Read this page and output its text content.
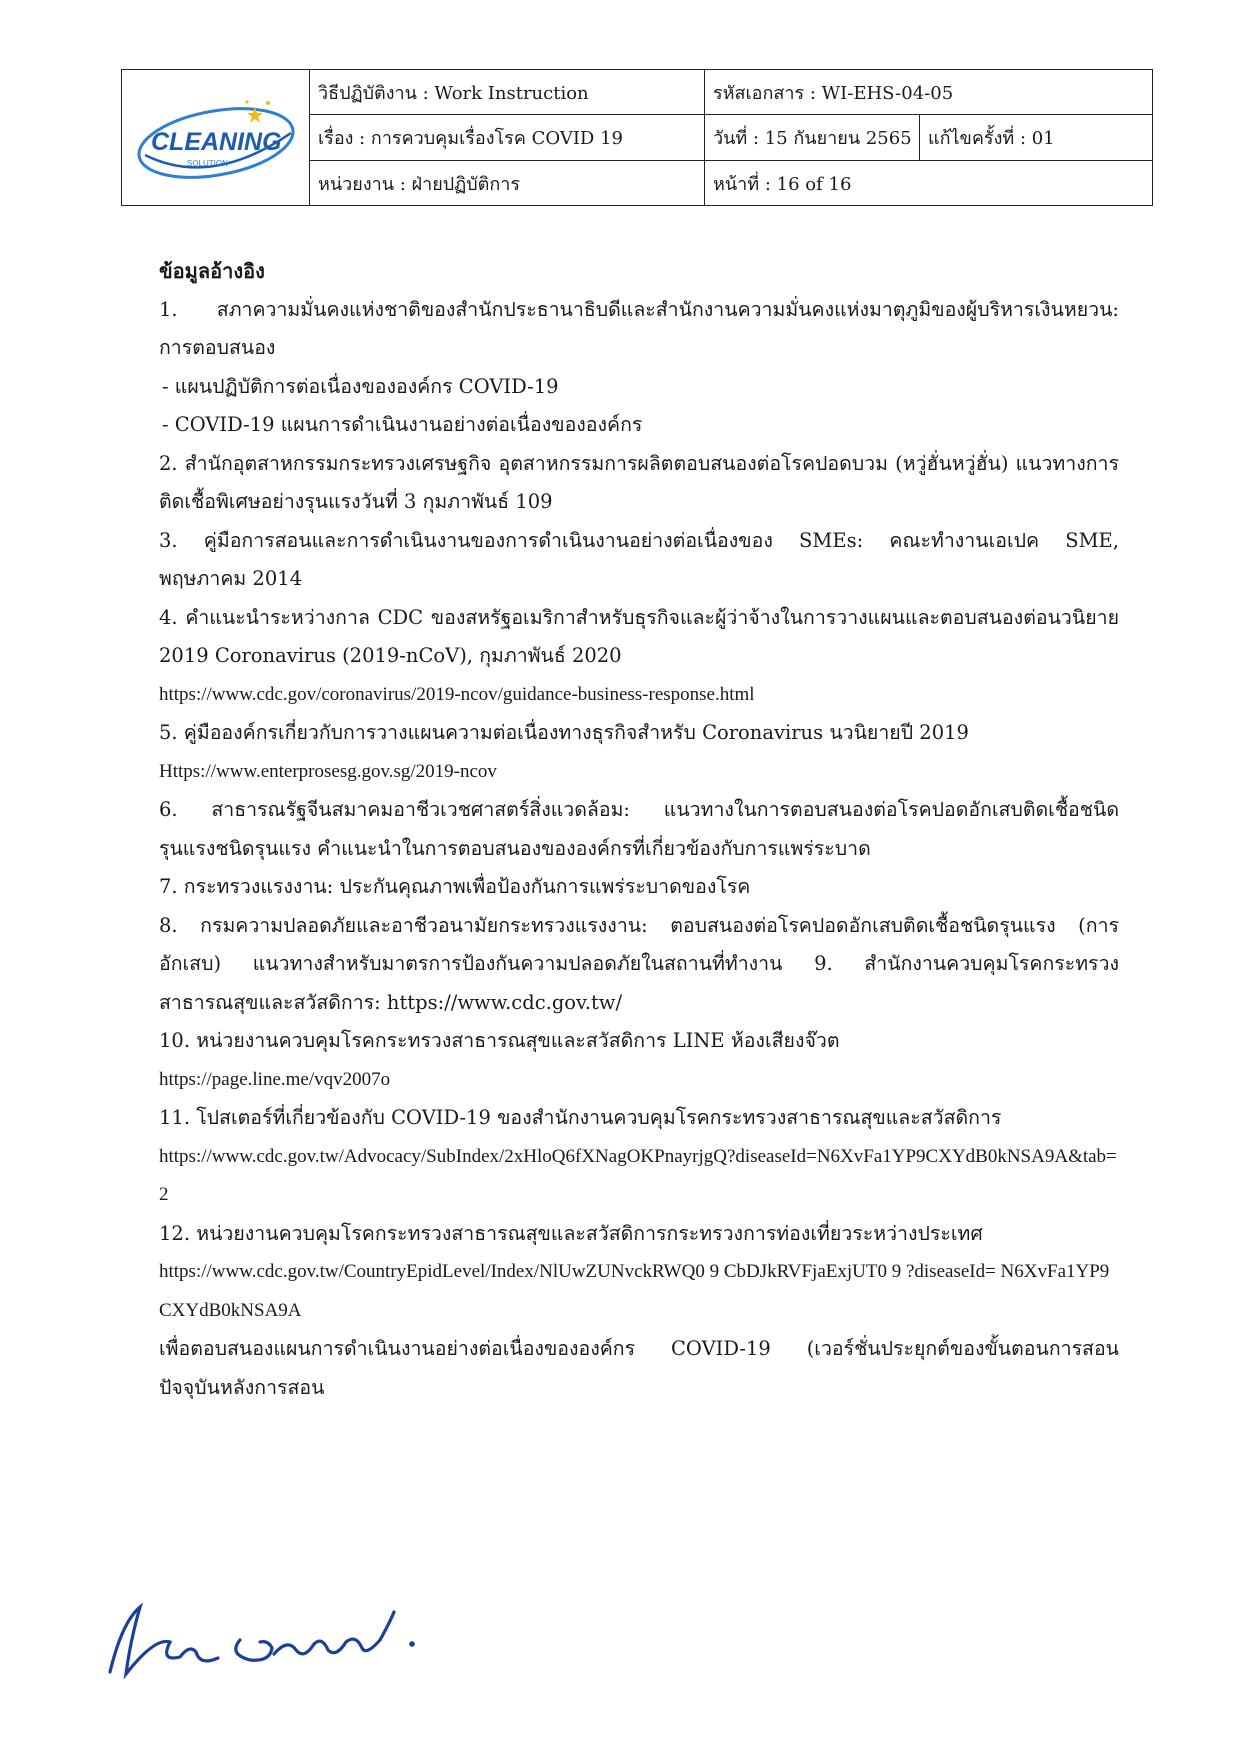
CLEANING
SOLUTION	วิธีปฏิบัติงาน : Work Instruction	รหัสเอกสาร : WI-EHS-04-05	
	เรื่อง : การควบคุมเรื่องโรค COVID 19	วันที่ : 15 กันยายน 2565	แก้ไขครั้งที่ : 01
	หน่วยงาน : ฝ่ายปฏิบัติการ	หน้าที่ : 16 of 16	

ข้อมูลอ้างอิง

1. สภาความมั่นคงแห่งชาติของสำนักประธานาธิบดีและสำนักงานความมั่นคงแห่งมาตุภูมิของผู้บริหารเงินหยวน: การตอบสนอง

- แผนปฏิบัติการต่อเนื่องขององค์กร COVID-19

- COVID-19 แผนการดำเนินงานอย่างต่อเนื่องขององค์กร

2. สำนักอุตสาหกรรมกระทรวงเศรษฐกิจ อุตสาหกรรมการผลิตตอบสนองต่อโรคปอดบวม (หวู่ฮั่นหวู่ฮั่น) แนวทางการติดเชื้อพิเศษอย่างรุนแรงวันที่ 3 กุมภาพันธ์ 109

3. คู่มือการสอนและการดำเนินงานของการดำเนินงานอย่างต่อเนื่องของ SMEs: คณะทำงานเอเปค SME, พฤษภาคม 2014

4. คำแนะนำระหว่างกาล CDC ของสหรัฐอเมริกาสำหรับธุรกิจและผู้ว่าจ้างในการวางแผนและตอบสนองต่อนวนิยาย 2019 Coronavirus (2019-nCoV), กุมภาพันธ์ 2020

https://www.cdc.gov/coronavirus/2019-ncov/guidance-business-response.html

5. คู่มือองค์กรเกี่ยวกับการวางแผนความต่อเนื่องทางธุรกิจสำหรับ Coronavirus นวนิยายปี 2019

Https://www.enterprosesg.gov.sg/2019-ncov

6. สาธารณรัฐจีนสมาคมอาชีวเวชศาสตร์สิ่งแวดล้อม: แนวทางในการตอบสนองต่อโรคปอดอักเสบติดเชื้อชนิดรุนแรงชนิดรุนแรง คำแนะนำในการตอบสนองขององค์กรที่เกี่ยวข้องกับการแพร่ระบาด

7. กระทรวงแรงงาน: ประกันคุณภาพเพื่อป้องกันการแพร่ระบาดของโรค

8. กรมความปลอดภัยและอาชีวอนามัยกระทรวงแรงงาน: ตอบสนองต่อโรคปอดอักเสบติดเชื้อชนิดรุนแรง (การอักเสบ) แนวทางสำหรับมาตรการป้องกันความปลอดภัยในสถานที่ทำงาน 9. สำนักงานควบคุมโรคกระทรวงสาธารณสุขและสวัสดิการ: https://www.cdc.gov.tw/

10. หน่วยงานควบคุมโรคกระทรวงสาธารณสุขและสวัสดิการ LINE ห้องเสียงจ๊วต

https://page.line.me/vqv2007o

11. โปสเตอร์ที่เกี่ยวข้องกับ COVID-19 ของสำนักงานควบคุมโรคกระทรวงสาธารณสุขและสวัสดิการ

https://www.cdc.gov.tw/Advocacy/SubIndex/2xHloQ6fXNagOKPnayrjgQ?diseaseId=N6XvFa1YP9CXYdB0kNSA9A&tab=2

12. หน่วยงานควบคุมโรคกระทรวงสาธารณสุขและสวัสดิการกระทรวงการท่องเที่ยวระหว่างประเทศ

https://www.cdc.gov.tw/CountryEpidLevel/Index/NlUwZUNvckRWQ0 9 CbDJkRVFjaExjUT0 9 ?diseaseId= N6XvFa1YP9CXYdB0kNSA9A

เพื่อตอบสนองแผนการดำเนินงานอย่างต่อเนื่องขององค์กร COVID-19 (เวอร์ชั่นประยุกต์ของขั้นตอนการสอนปัจจุบันหลังการสอน
